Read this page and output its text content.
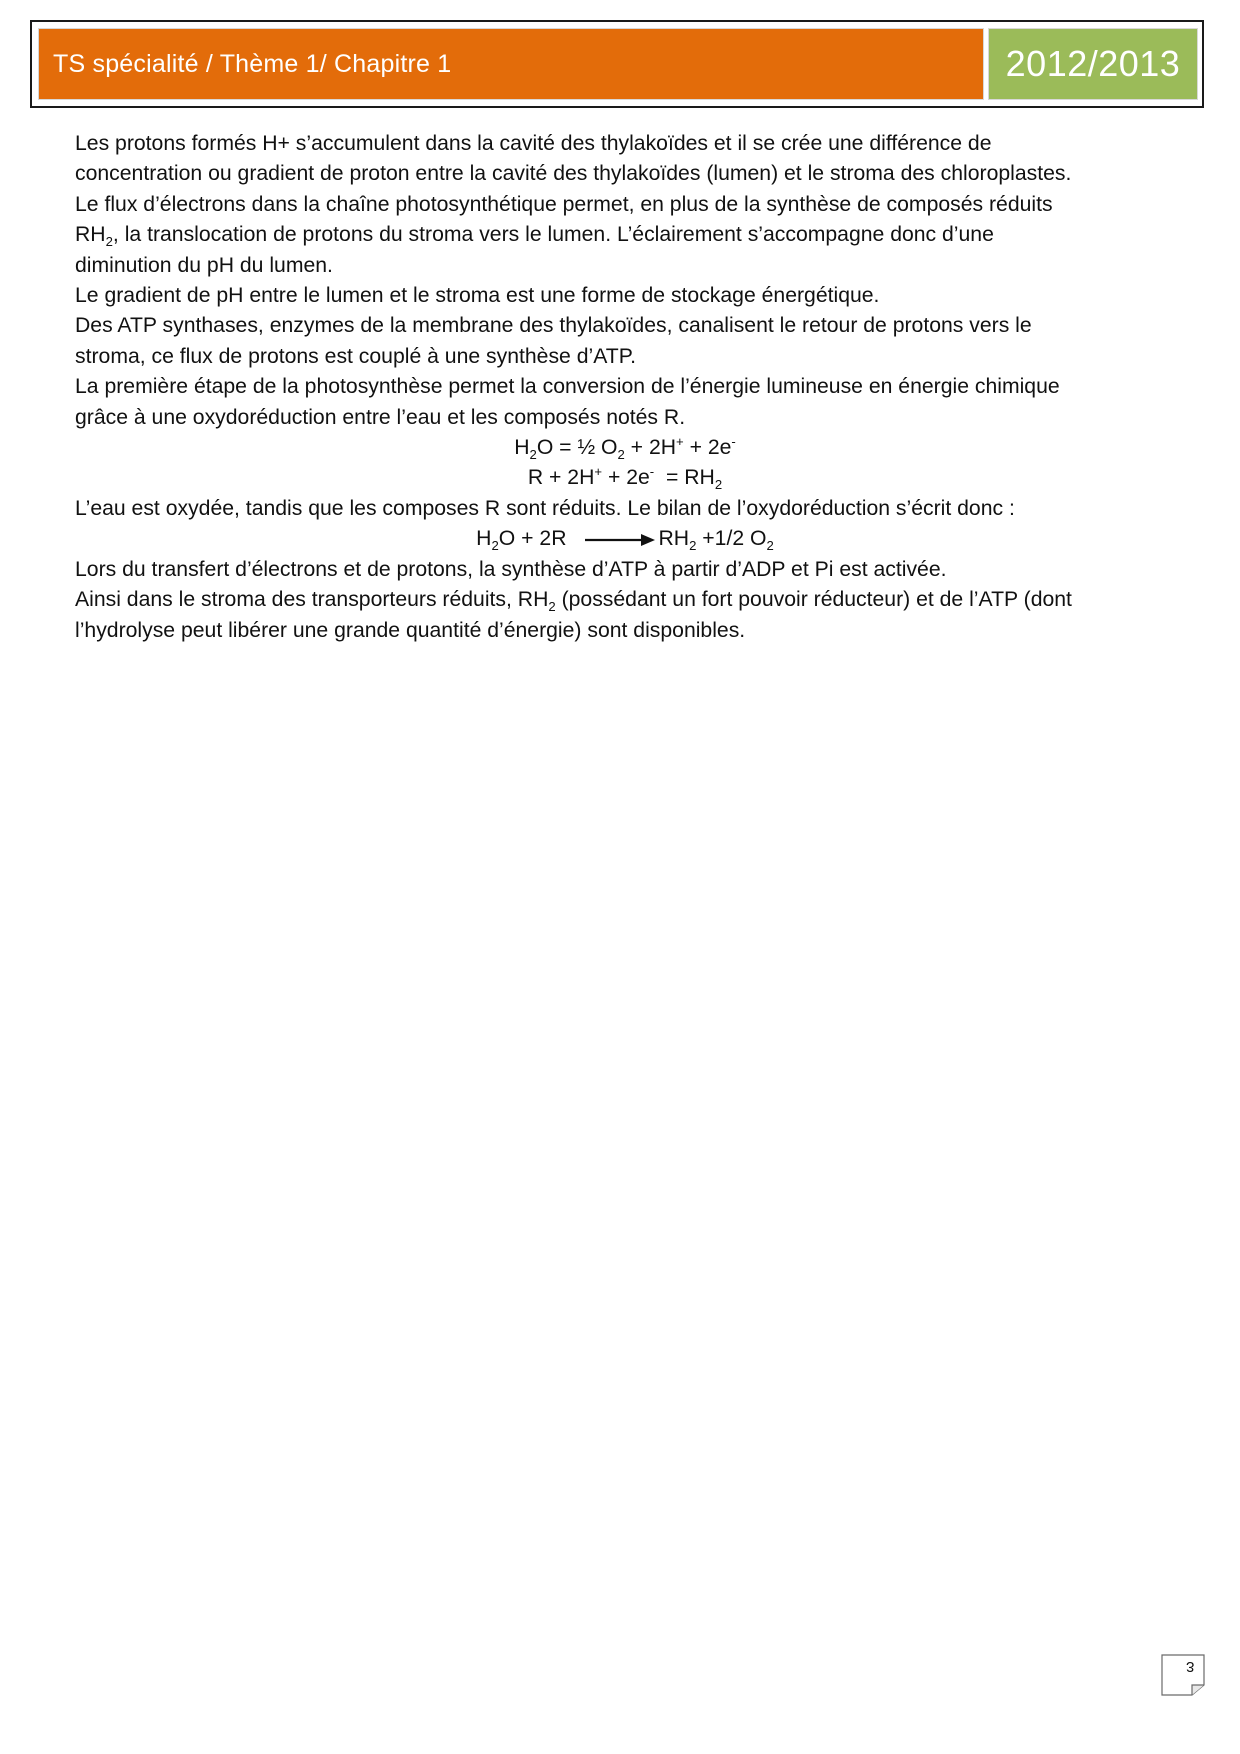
TS spécialité / Thème 1/ Chapitre 1	2012/2013

Les protons formés H+ s’accumulent dans la cavité des thylakoïdes et il se crée une différence de

concentration ou gradient de proton entre la cavité des thylakoïdes (lumen) et le stroma des chloroplastes.

Le flux d’électrons dans la chaîne photosynthétique permet, en plus de la synthèse de composés réduits

$RH_2$, la translocation de protons du stroma vers le lumen. L’éclairement s’accompagne donc d’une

diminution du pH du lumen.

Le gradient de pH entre le lumen et le stroma est une forme de stockage énergétique.

Des ATP synthases, enzymes de la membrane des thylakoïdes, canalisent le retour de protons vers le

stroma, ce flux de protons est couplé à une synthèse d’ATP.

La première étape de la photosynthèse permet la conversion de l’énergie lumineuse en énergie chimique

grâce à une oxydoréduction entre l’eau et les composés notés R.

$H_2O$ = ½ $O_2 + 2H^+ + 2e^-$

$R + 2H^+ + 2e^- = RH_2$

L’eau est oxydée, tandis que les composes R sont réduits. Le bilan de l’oxydoréduction s’écrit donc :

$H_2O + 2R \to RH_2 +1/2$ $O_2$

Lors du transfert d’électrons et de protons, la synthèse d’ATP à partir d’ADP et Pi est activée.

Ainsi dans le stroma des transporteurs réduits, $RH_2$ (possédant un fort pouvoir réducteur) et de l’ATP (dont

l’hydrolyse peut libérer une grande quantité d’énergie) sont disponibles.

3
